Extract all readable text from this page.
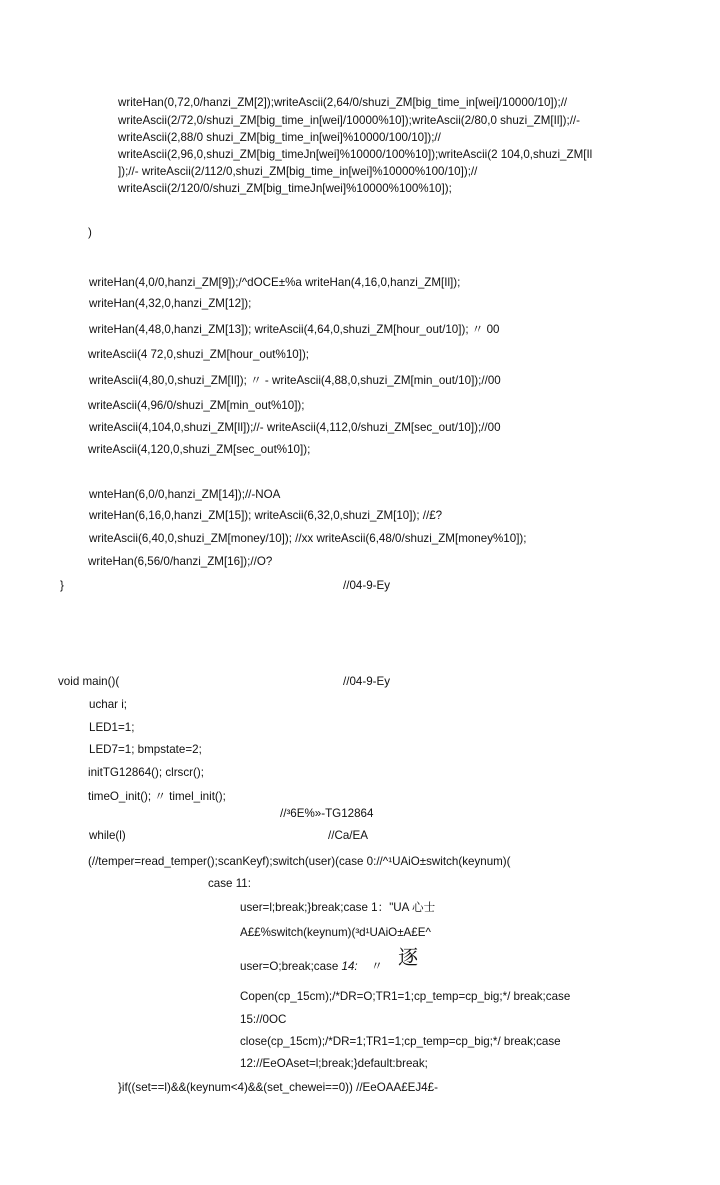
writeHan(0,72,0/hanzi_ZM[2]);writeAscii(2,64/0/shuzi_ZM[big_time_in[wei]/10000/10]);//
writeAscii(2/72,0/shuzi_ZM[big_time_in[wei]/10000%10]);writeAscii(2/80,0 shuzi_ZM[Il]);//-
writeAscii(2,88/0 shuzi_ZM[big_time_in[wei]%10000/100/10]);//
writeAscii(2,96,0,shuzi_ZM[big_timeJn[wei]%10000/100%10]);writeAscii(2 104,0,shuzi_ZM[Il
]);//- writeAscii(2/112/0,shuzi_ZM[big_time_in[wei]%10000%100/10]);//
writeAscii(2/120/0/shuzi_ZM[big_timeJn[wei]%10000%100%10]);
)
writeHan(4,0/0,hanzi_ZM[9]);/^dOCE±%a writeHan(4,16,0,hanzi_ZM[Il]);
writeHan(4,32,0,hanzi_ZM[12]);
writeHan(4,48,0,hanzi_ZM[13]); writeAscii(4,64,0,shuzi_ZM[hour_out/10]); 〃 00
writeAscii(4 72,0,shuzi_ZM[hour_out%10]);
writeAscii(4,80,0,shuzi_ZM[Il]); 〃 - writeAscii(4,88,0,shuzi_ZM[min_out/10]);//00
writeAscii(4,96/0/shuzi_ZM[min_out%10]);
writeAscii(4,104,0,shuzi_ZM[Il]);//- writeAscii(4,112,0/shuzi_ZM[sec_out/10]);//00
writeAscii(4,120,0,shuzi_ZM[sec_out%10]);
wnteHan(6,0/0,hanzi_ZM[14]);//-NOA
writeHan(6,16,0,hanzi_ZM[15]); writeAscii(6,32,0,shuzi_ZM[10]); //£?
writeAscii(6,40,0,shuzi_ZM[money/10]); //xx writeAscii(6,48/0/shuzi_ZM[money%10]);
writeHan(6,56/0/hanzi_ZM[16]);//O?
}	//04-9-Ey
void main()(	//04-9-Ey
uchar i;
LED1=1;
LED7=1; bmpstate=2;
initTG12864(); clrscr();
timeO_init(); 〃 timel_init();
//³6E%»-TG12864
while(l)	//Ca/EA
(//temper=read_temper();scanKeyf);switch(user)(case 0://^¹UAiO±switch(keynum)(
case 11:
user=l;break;}break;case 1："UA 心士
A££%switch(keynum)(³d¹UAiO±A£E^
user=O;break;case 14: 〃 逐
Copen(cp_15cm);/*DR=O;TR1=1;cp_temp=cp_big;*/ break;case
15://0OC
close(cp_15cm);/*DR=1;TR1=1;cp_temp=cp_big;*/ break;case
12://EeOAset=l;break;}default:break;
}if((set==l)&&(keynum<4)&&(set_chewei==0)) //EeOAA£EJ4£-
